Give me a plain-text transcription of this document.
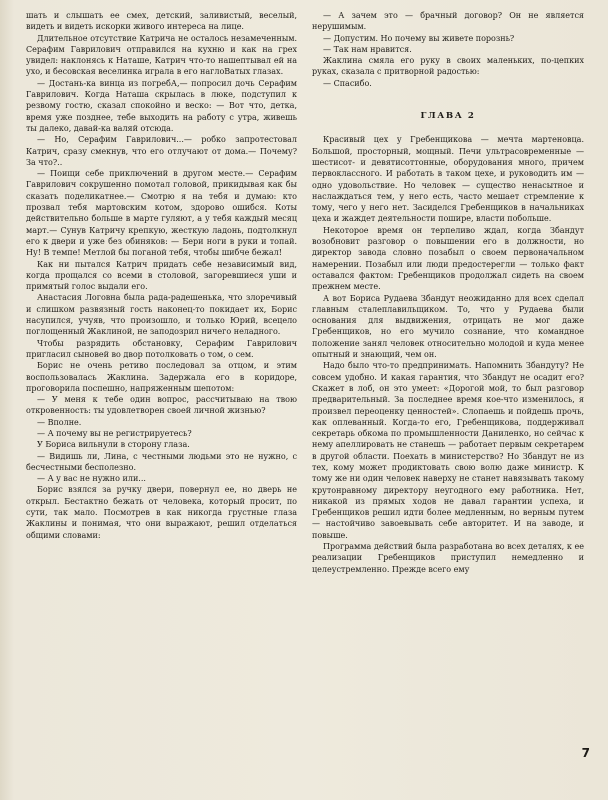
шать и слышать ее смех, детский, заливистый, веселый, видеть и видеть искорки живого интереса на лице.

Длительное отсутствие Катрича не осталось незамеченным. Серафим Гаврилович отправился на кухню и как на грех увидел: наклонясь к Наташе, Катрич что-то нашептывал ей на ухо, и бесовская веселинка играла в его наглоВатых глазах.

— Достань-ка винца из погребА,— попросил дочь Серафим Гаврилович. Когда Наташа скрылась в люке, подступил к резвому гостю, сказал спокойно и веско: — Вот что, детка, время уже позднее, тебе выходить на работу с утра, живешь ты далеко, давай-ка валяй отсюда.

— Но, Серафим Гаврилович...— робко запротестовал Катрич, сразу смекнув, что его отлучают от дома.— Почему? За что?..

— Поищи себе приключений в другом месте.— Серафим Гаврилович сокрушенно помотал головой, прикидывая как бы сказать поделикатнее.— Смотрю я на тебя и думаю: кто прозвал тебя мартовским котом, здорово ошибся. Коты действительно больше в марте гуляют, а у тебя каждый месяц март.— Сунув Катричу крепкую, жесткую ладонь, подтолкнул его к двери и уже без обиняков: — Бери ноги в руки и топай. Ну! В темпе! Метлой бы поганой тебя, чтобы шибче бежал!

Как ни пытался Катрич придать себе независимый вид, когда прощался со всеми в столовой, загоревшиеся уши и примятый голос выдали его.

Анастасия Логовна была рада-радешенька, что злоречивый и слишком развязный гость наконец-то покидает их, Борис насупился, учуяв, что произошло, и только Юрий, всецело поглощенный Жаклиной, не заподозрил ничего неладного.

Чтобы разрядить обстановку, Серафим Гаврилович пригласил сыновей во двор потолковать о том, о сем.

Борис не очень ретиво последовал за отцом, и этим воспользовалась Жаклина. Задержала его в коридоре, проговорила поспешно, напряженным шепотом:

— У меня к тебе один вопрос, рассчитываю на твою откровенность: ты удовлетворен своей личной жизнью?

— Вполне.

— А почему вы не регистрируетесь?

У Бориса вильнули в сторону глаза.

— Видишь ли, Лина, с честными людьми это не нужно, с бесчестными бесполезно.

— А у вас не нужно или...

Борис взялся за ручку двери, повернул ее, но дверь не открыл. Бестактно бежать от человека, который просит, по сути, так мало. Посмотрев в как никогда грустные глаза Жаклины и понимая, что они выражают, решил отделаться общими словами:

— А зачем это — брачный договор? Он не является нерушимым.

— Допустим. Но почему вы живете порознь?

— Так нам нравится.

Жаклина смяла его руку в своих маленьких, по-цепких руках, сказала с притворной радостью:

— Спасибо.

ГЛАВА 2

Красивый цех у Гребенщикова — мечта мартеновца. Большой, просторный, мощный. Печи ультрасовременные — шестисот- и девятисоттонные, оборудования много, причем первоклассного. И работать в таком цехе, и руководить им — одно удовольствие. Но человек — существо ненасытное и наслаждаться тем, у него есть, часто мешает стремление к тому, чего у него нет. Засиделся Гребенщиков в начальниках цеха и жаждет деятельности пошире, власти побольше.

Некоторое время он терпеливо ждал, когда Збандут возобновит разговор о повышении его в должности, но директор завода словно позабыл о своем первоначальном намерении. Позабыл или люди предостерегли — только факт оставался фактом: Гребенщиков продолжал сидеть на своем прежнем месте.

А вот Бориса Рудаева Збандут неожиданно для всех сделал главным сталеплавильщиком. То, что у Рудаева были основания для выдвижения, отрицать не мог даже Гребенщиков, но его мучило сознание, что командное положение занял человек относительно молодой и куда менее опытный и знающий, чем он.

Надо было что-то предпринимать. Напомнить Збандуту? Не совсем удобно. И какая гарантия, что Збандут не осадит его? Скажет в лоб, он это умеет: «Дорогой мой, то был разговор предварительный. За последнее время кое-что изменилось, я произвел переоценку ценностей». Слопаешь и пойдешь прочь, как оплеванный. Когда-то его, Гребенщикова, поддерживал секретарь обкома по промышленности Даниленко, но сейчас к нему апеллировать не станешь — работает первым секретарем в другой области. Поехать в министерство? Но Збандут не из тех, кому может продиктовать свою волю даже министр. К тому же ни один человек наверху не станет навязывать такому крутонравному директору неугодного ему работника. Нет, никакой из прямых ходов не давал гарантии успеха, и Гребенщиков решил идти более медленным, но верным путем — настойчиво завоевывать себе авторитет. И на заводе, и повыше.

Программа действий была разработана во всех деталях, к ее реализации Гребенщиков приступил немедленно и целеустремленно. Прежде всего ему

7
